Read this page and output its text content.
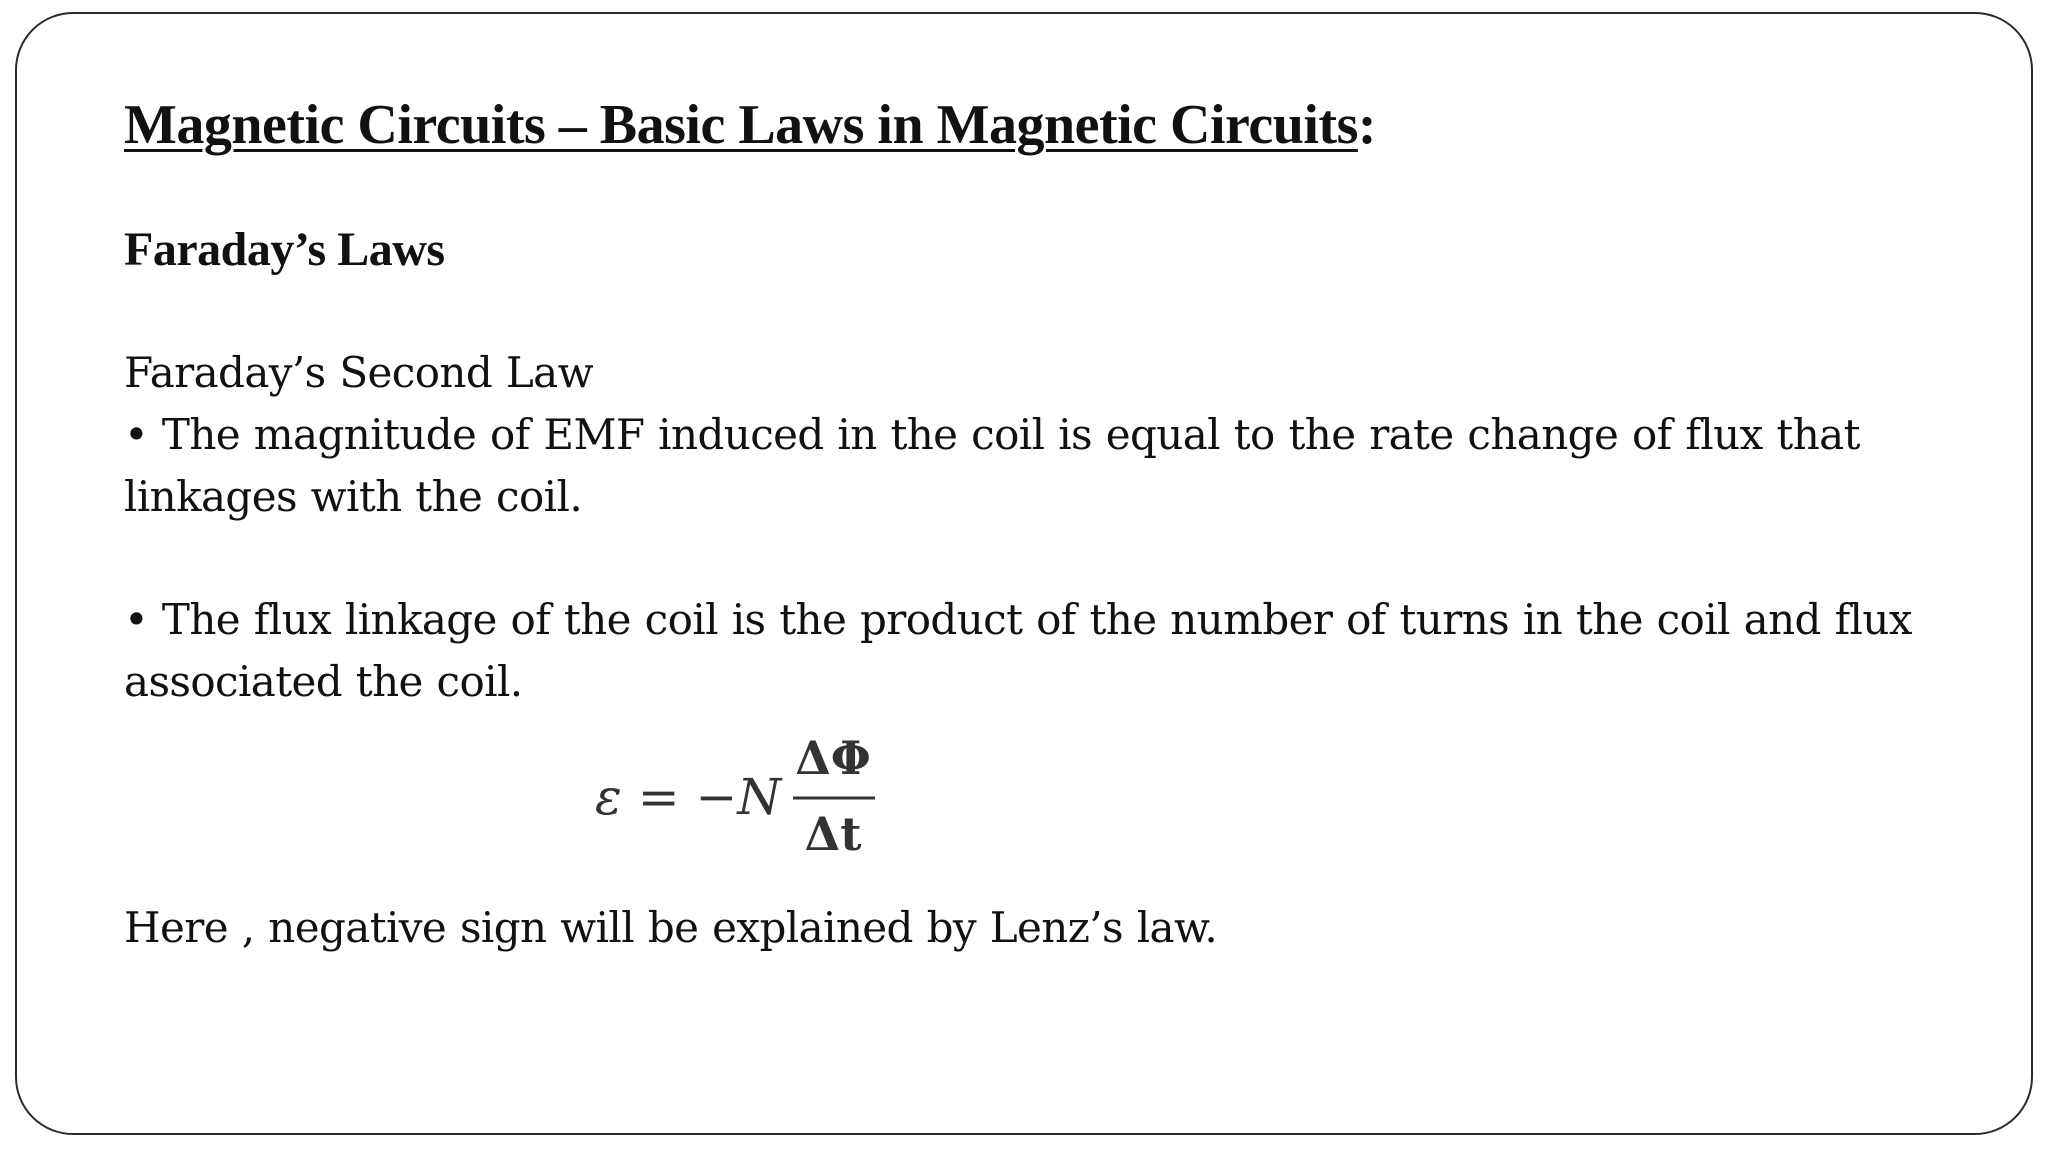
Magnetic Circuits – Basic Laws in Magnetic Circuits:
Faraday’s Laws

Faraday’s Second Law

• The magnitude of EMF induced in the coil is equal to the rate change of flux that
linkages with the coil.

• The flux linkage of the coil is the product of the number of turns in the coil and flux
associated the coil.

Here , negative sign will be explained by Lenz’s law.

ε = −N
ΔΦ
Δt
